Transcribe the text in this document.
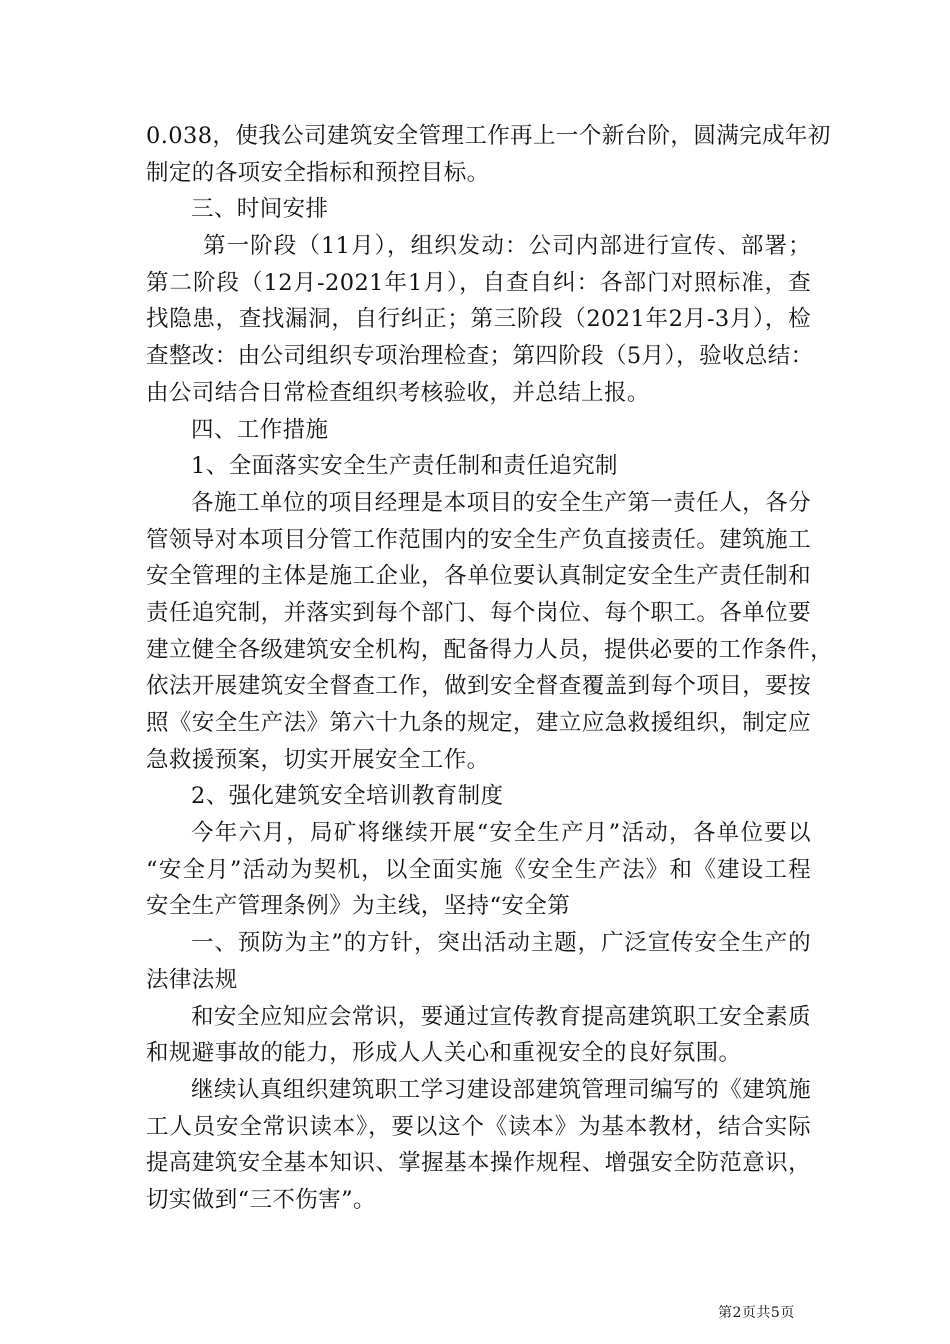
0.038，使我公司建筑安全管理工作再上一个新台阶，圆满完成年初
制定的各项安全指标和预控目标。
三、时间安排
第一阶段（11月），组织发动：公司内部进行宣传、部署；
第二阶段（12月-2021年1月），自查自纠：各部门对照标准，查
找隐患，查找漏洞，自行纠正；第三阶段（2021年2月-3月），检
查整改：由公司组织专项治理检查；第四阶段（5月），验收总结：
由公司结合日常检查组织考核验收，并总结上报。
四、工作措施
1、全面落实安全生产责任制和责任追究制
各施工单位的项目经理是本项目的安全生产第一责任人，各分
管领导对本项目分管工作范围内的安全生产负直接责任。建筑施工
安全管理的主体是施工企业，各单位要认真制定安全生产责任制和
责任追究制，并落实到每个部门、每个岗位、每个职工。各单位要
建立健全各级建筑安全机构，配备得力人员，提供必要的工作条件，
依法开展建筑安全督查工作，做到安全督查覆盖到每个项目，要按
照《安全生产法》第六十九条的规定，建立应急救援组织，制定应
急救援预案，切实开展安全工作。
2、强化建筑安全培训教育制度
今年六月，局矿将继续开展“安全生产月”活动，各单位要以
“安全月”活动为契机，以全面实施《安全生产法》和《建设工程
安全生产管理条例》为主线，坚持“安全第
一、预防为主”的方针，突出活动主题，广泛宣传安全生产的
法律法规
和安全应知应会常识，要通过宣传教育提高建筑职工安全素质
和规避事故的能力，形成人人关心和重视安全的良好氛围。
继续认真组织建筑职工学习建设部建筑管理司编写的《建筑施
工人员安全常识读本》，要以这个《读本》为基本教材，结合实际
提高建筑安全基本知识、掌握基本操作规程、增强安全防范意识，
切实做到“三不伤害”。
第2页共5页
